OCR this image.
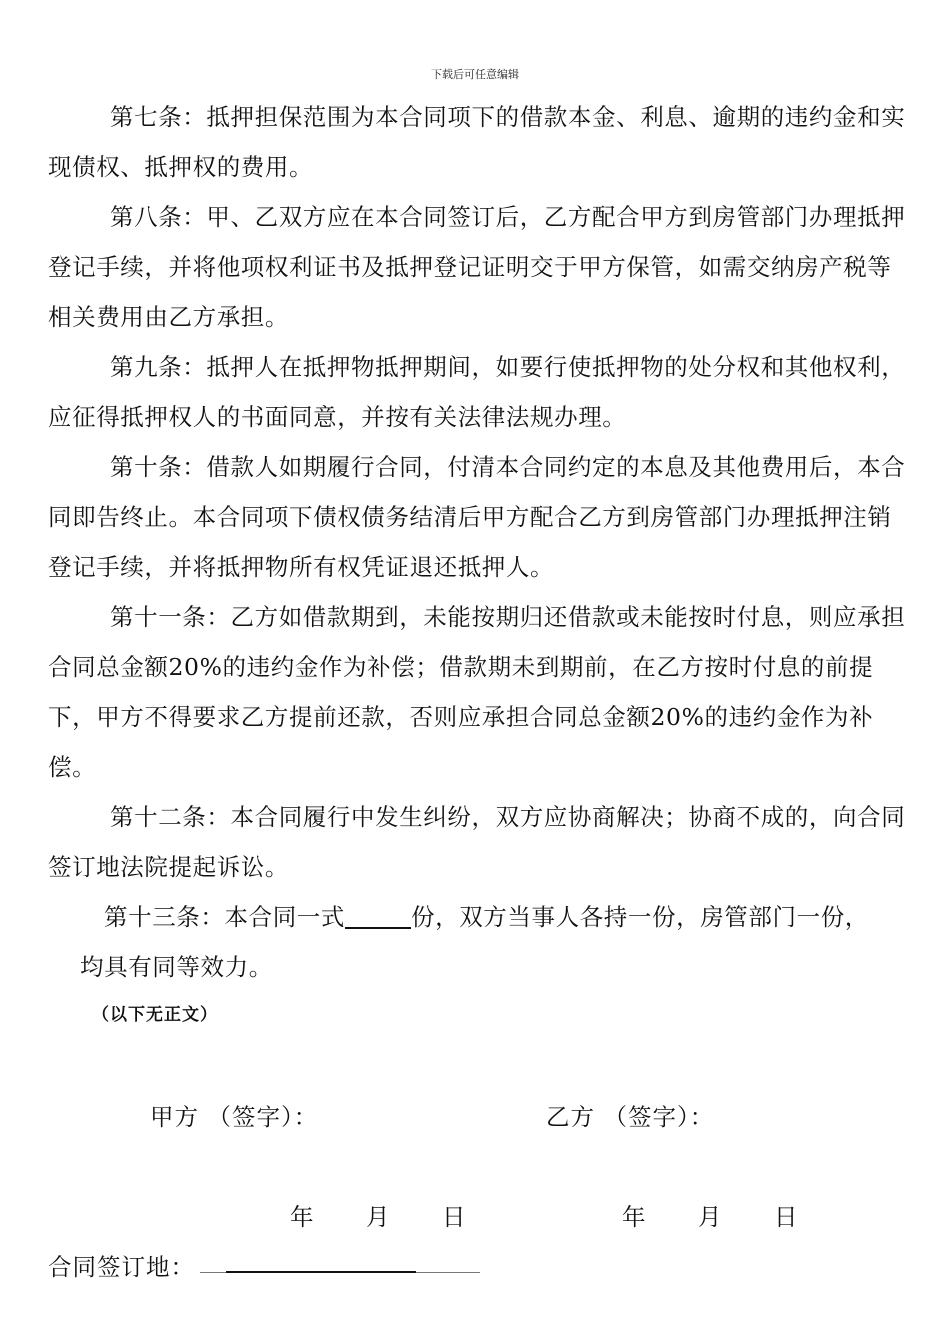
下载后可任意编辑
第七条：抵押担保范围为本合同项下的借款本金、利息、逾期的违约金和实现债权、抵押权的费用。
第八条：甲、乙双方应在本合同签订后，乙方配合甲方到房管部门办理抵押登记手续，并将他项权利证书及抵押登记证明交于甲方保管，如需交纳房产税等相关费用由乙方承担。
第九条：抵押人在抵押物抵押期间，如要行使抵押物的处分权和其他权利，应征得抵押权人的书面同意，并按有关法律法规办理。
第十条：借款人如期履行合同，付清本合同约定的本息及其他费用后，本合同即告终止。本合同项下债权债务结清后甲方配合乙方到房管部门办理抵押注销登记手续，并将抵押物所有权凭证退还抵押人。
第十一条：乙方如借款期到，未能按期归还借款或未能按时付息，则应承担合同总金额20%的违约金作为补偿；借款期未到期前，在乙方按时付息的前提下，甲方不得要求乙方提前还款，否则应承担合同总金额20%的违约金作为补偿。
第十二条：本合同履行中发生纠纷，双方应协商解决；协商不成的，向合同签订地法院提起诉讼。
第十三条：本合同一式	份，双方当事人各持一份，房管部门一份，
均具有同等效力。
（以下无正文）
甲方 （签字）：	乙方 （签字）：
年 月 日	年 月 日
合同签订地：
